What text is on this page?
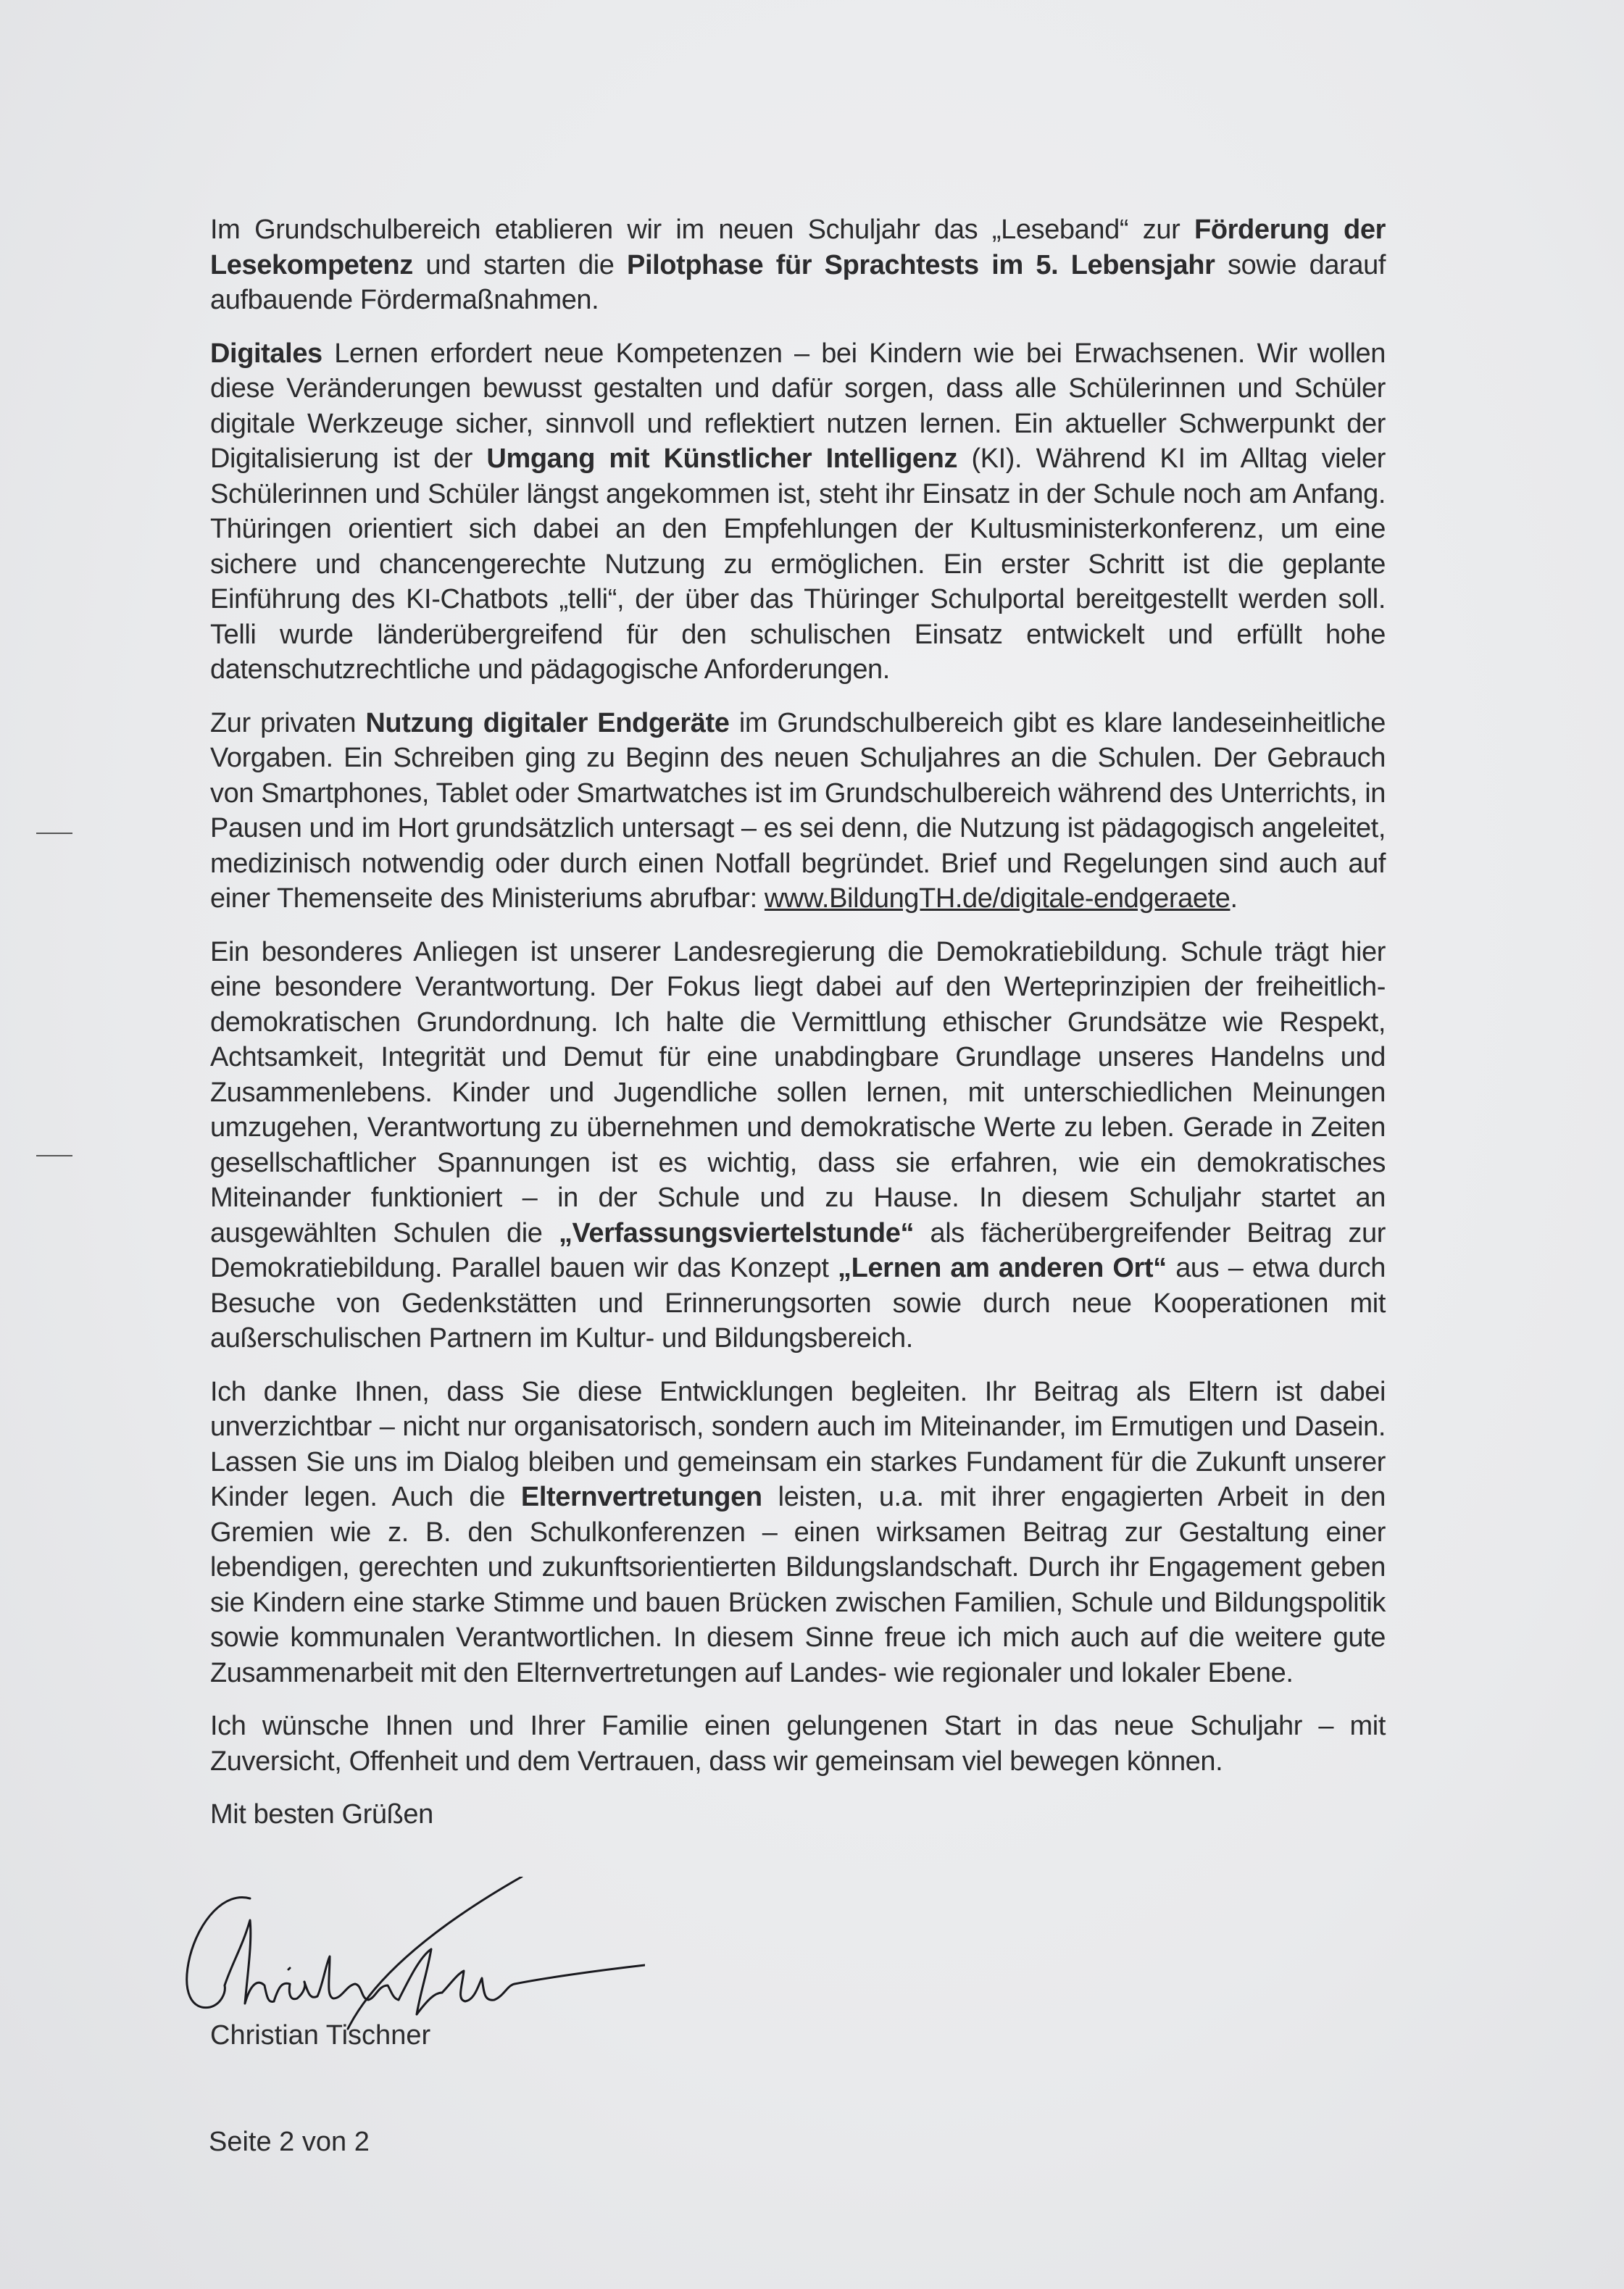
Im Grundschulbereich etablieren wir im neuen Schuljahr das „Leseband“ zur Förderung der Lesekompetenz und starten die Pilotphase für Sprachtests im 5. Lebensjahr sowie darauf aufbauende Fördermaßnahmen.

Digitales Lernen erfordert neue Kompetenzen – bei Kindern wie bei Erwachsenen. Wir wollen diese Veränderungen bewusst gestalten und dafür sorgen, dass alle Schülerinnen und Schüler digitale Werkzeuge sicher, sinnvoll und reflektiert nutzen lernen. Ein aktueller Schwerpunkt der Digitalisierung ist der Umgang mit Künstlicher Intelligenz (KI). Während KI im Alltag vieler Schülerinnen und Schüler längst angekommen ist, steht ihr Einsatz in der Schule noch am Anfang. Thüringen orientiert sich dabei an den Empfehlungen der Kultusministerkonferenz, um eine sichere und chancengerechte Nutzung zu ermöglichen. Ein erster Schritt ist die geplante Einführung des KI-Chatbots „telli“, der über das Thüringer Schulportal bereitgestellt werden soll. Telli wurde länderübergreifend für den schulischen Einsatz entwickelt und erfüllt hohe datenschutzrechtliche und pädagogische Anforderungen.

Zur privaten Nutzung digitaler Endgeräte im Grundschulbereich gibt es klare landeseinheitliche Vorgaben. Ein Schreiben ging zu Beginn des neuen Schuljahres an die Schulen. Der Gebrauch von Smartphones, Tablet oder Smartwatches ist im Grundschulbereich während des Unterrichts, in Pausen und im Hort grundsätzlich untersagt – es sei denn, die Nutzung ist pädagogisch angeleitet, medizinisch notwendig oder durch einen Notfall begründet. Brief und Regelungen sind auch auf einer Themenseite des Ministeriums abrufbar: www.BildungTH.de/digitale-endgeraete.

Ein besonderes Anliegen ist unserer Landesregierung die Demokratiebildung. Schule trägt hier eine besondere Verantwortung. Der Fokus liegt dabei auf den Werteprinzipien der freiheitlich-demokratischen Grundordnung. Ich halte die Vermittlung ethischer Grundsätze wie Respekt, Achtsamkeit, Integrität und Demut für eine unabdingbare Grundlage unseres Handelns und Zusammenlebens. Kinder und Jugendliche sollen lernen, mit unterschiedlichen Meinungen umzugehen, Verantwortung zu übernehmen und demokratische Werte zu leben. Gerade in Zeiten gesellschaftlicher Spannungen ist es wichtig, dass sie erfahren, wie ein demokratisches Miteinander funktioniert – in der Schule und zu Hause. In diesem Schuljahr startet an ausgewählten Schulen die „Verfassungsviertelstunde“ als fächerübergreifender Beitrag zur Demokratiebildung. Parallel bauen wir das Konzept „Lernen am anderen Ort“ aus – etwa durch Besuche von Gedenkstätten und Erinnerungsorten sowie durch neue Kooperationen mit außerschulischen Partnern im Kultur- und Bildungsbereich.

Ich danke Ihnen, dass Sie diese Entwicklungen begleiten. Ihr Beitrag als Eltern ist dabei unverzichtbar – nicht nur organisatorisch, sondern auch im Miteinander, im Ermutigen und Dasein. Lassen Sie uns im Dialog bleiben und gemeinsam ein starkes Fundament für die Zukunft unserer Kinder legen. Auch die Elternvertretungen leisten, u.a. mit ihrer engagierten Arbeit in den Gremien wie z. B. den Schulkonferenzen – einen wirksamen Beitrag zur Gestaltung einer lebendigen, gerechten und zukunftsorientierten Bildungslandschaft. Durch ihr Engagement geben sie Kindern eine starke Stimme und bauen Brücken zwischen Familien, Schule und Bildungspolitik sowie kommunalen Verantwortlichen. In diesem Sinne freue ich mich auch auf die weitere gute Zusammenarbeit mit den Elternvertretungen auf Landes- wie regionaler und lokaler Ebene.

Ich wünsche Ihnen und Ihrer Familie einen gelungenen Start in das neue Schuljahr – mit Zuversicht, Offenheit und dem Vertrauen, dass wir gemeinsam viel bewegen können.

Mit besten Grüßen

Christian Tischner
Seite 2 von 2
